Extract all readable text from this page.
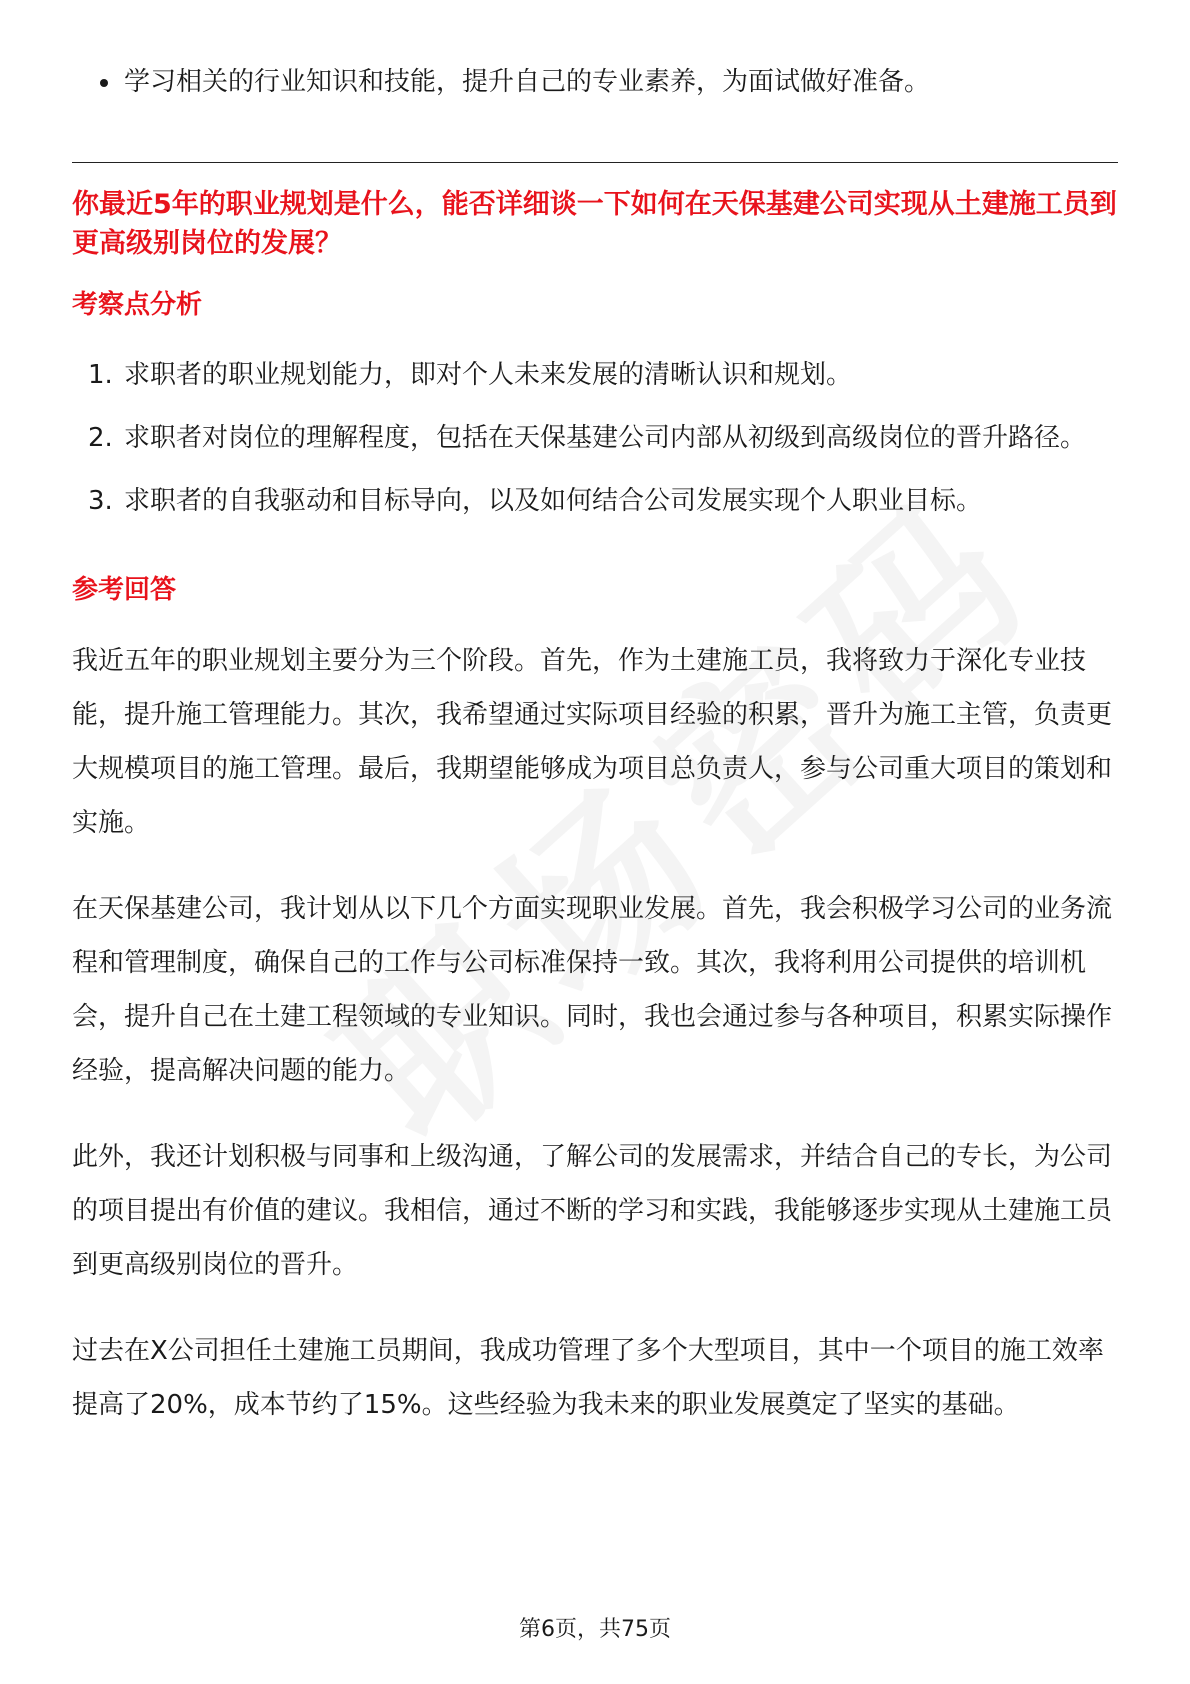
学习相关的行业知识和技能，提升自己的专业素养，为面试做好准备。
你最近5年的职业规划是什么，能否详细谈一下如何在天保基建公司实现从土建施工员到更高级别岗位的发展？
考察点分析
1. 求职者的职业规划能力，即对个人未来发展的清晰认识和规划。
2. 求职者对岗位的理解程度，包括在天保基建公司内部从初级到高级岗位的晋升路径。
3. 求职者的自我驱动和目标导向，以及如何结合公司发展实现个人职业目标。
参考回答

我近五年的职业规划主要分为三个阶段。首先，作为土建施工员，我将致力于深化专业技能，提升施工管理能力。其次，我希望通过实际项目经验的积累，晋升为施工主管，负责更大规模项目的施工管理。最后，我期望能够成为项目总负责人，参与公司重大项目的策划和实施。

在天保基建公司，我计划从以下几个方面实现职业发展。首先，我会积极学习公司的业务流程和管理制度，确保自己的工作与公司标准保持一致。其次，我将利用公司提供的培训机会，提升自己在土建工程领域的专业知识。同时，我也会通过参与各种项目，积累实际操作经验，提高解决问题的能力。

此外，我还计划积极与同事和上级沟通，了解公司的发展需求，并结合自己的专长，为公司的项目提出有价值的建议。我相信，通过不断的学习和实践，我能够逐步实现从土建施工员到更高级别岗位的晋升。

过去在X公司担任土建施工员期间，我成功管理了多个大型项目，其中一个项目的施工效率提高了20%，成本节约了15%。这些经验为我未来的职业发展奠定了坚实的基础。

第6页，共75页
